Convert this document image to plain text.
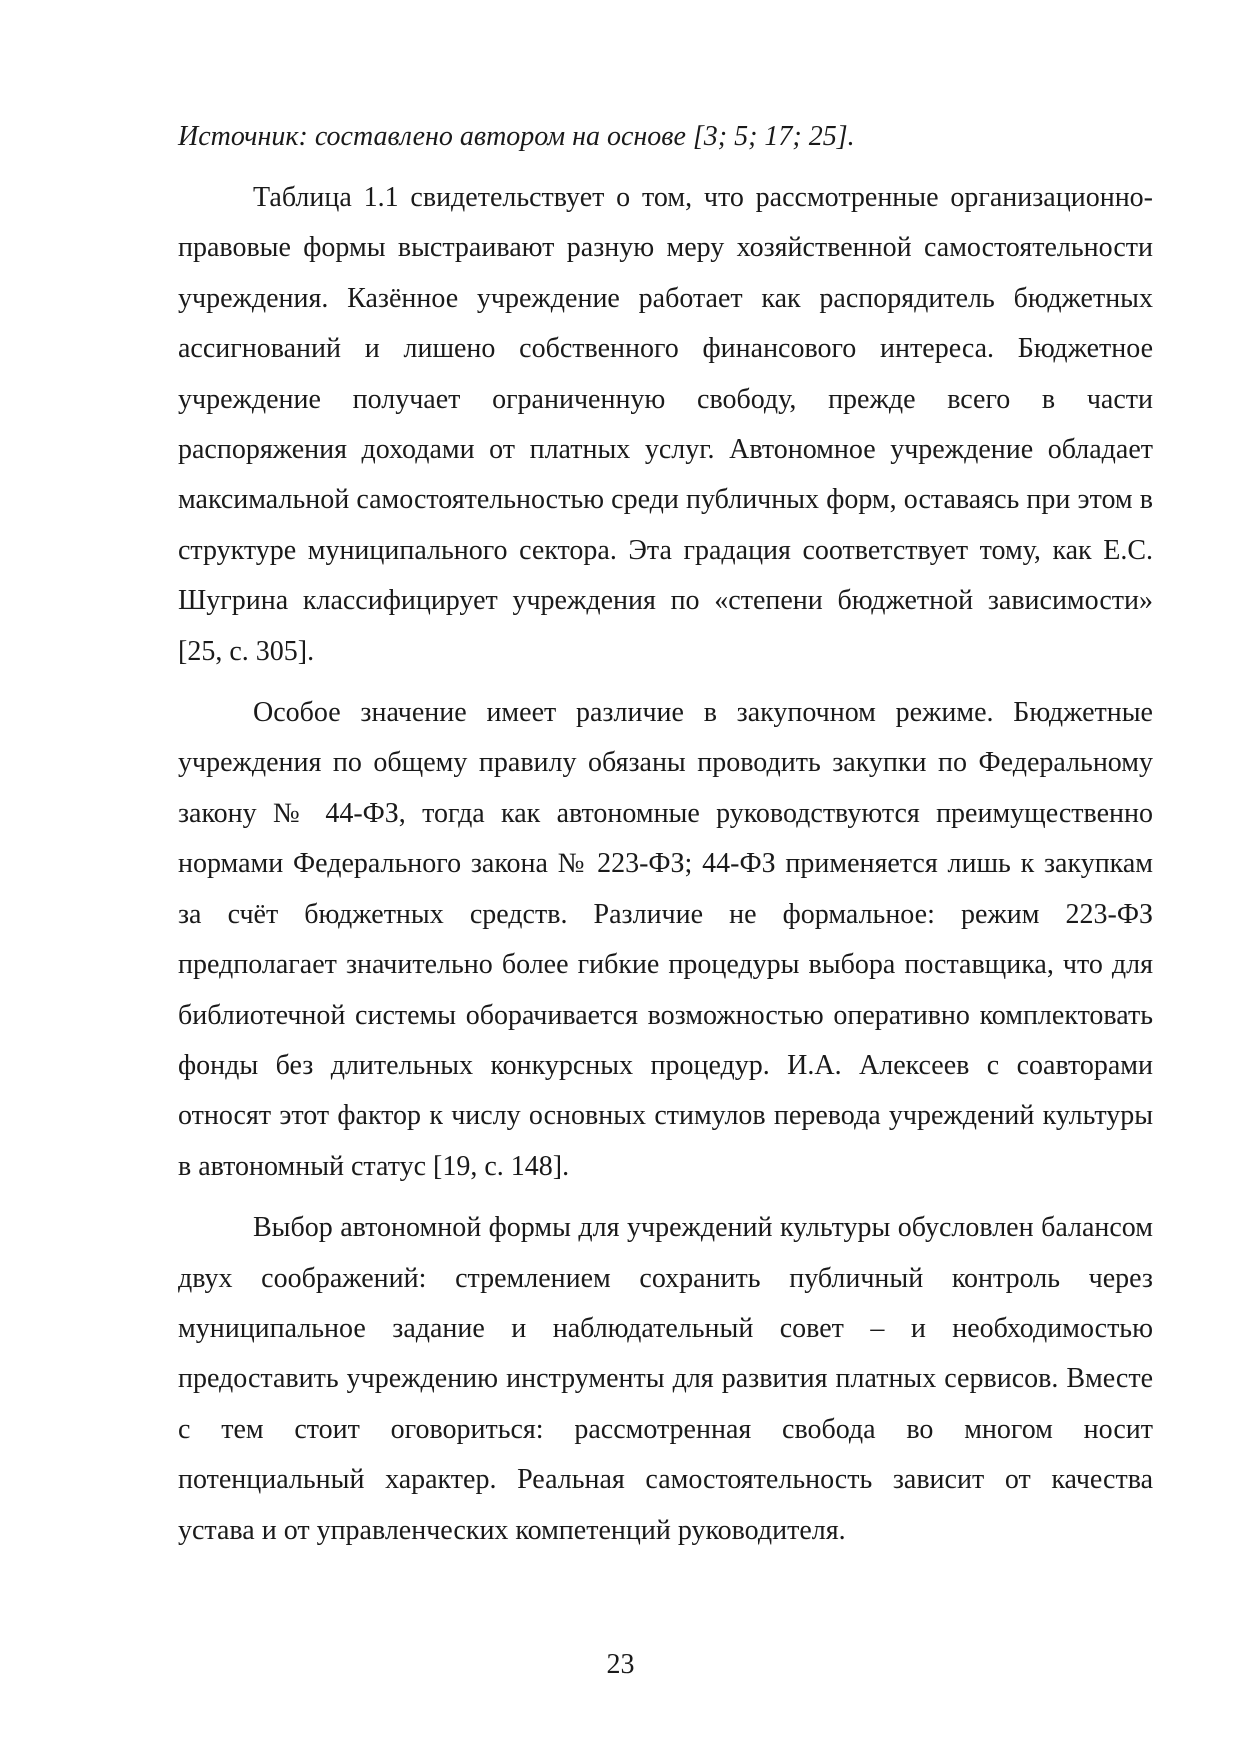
Источник: составлено автором на основе [3; 5; 17; 25].

Таблица 1.1 свидетельствует о том, что рассмотренные организационно-правовые формы выстраивают разную меру хозяйственной самостоятельности учреждения. Казённое учреждение работает как распорядитель бюджетных ассигнований и лишено собственного финансового интереса. Бюджетное учреждение получает ограниченную свободу, прежде всего в части распоряжения доходами от платных услуг. Автономное учреждение обладает максимальной самостоятельностью среди публичных форм, оставаясь при этом в структуре муниципального сектора. Эта градация соответствует тому, как Е.С. Шугрина классифицирует учреждения по «степени бюджетной зависимости» [25, с. 305].

Особое значение имеет различие в закупочном режиме. Бюджетные учреждения по общему правилу обязаны проводить закупки по Федеральному закону № 44-ФЗ, тогда как автономные руководствуются преимущественно нормами Федерального закона № 223-ФЗ; 44-ФЗ применяется лишь к закупкам за счёт бюджетных средств. Различие не формальное: режим 223-ФЗ предполагает значительно более гибкие процедуры выбора поставщика, что для библиотечной системы оборачивается возможностью оперативно комплектовать фонды без длительных конкурсных процедур. И.А. Алексеев с соавторами относят этот фактор к числу основных стимулов перевода учреждений культуры в автономный статус [19, с. 148].

Выбор автономной формы для учреждений культуры обусловлен балансом двух соображений: стремлением сохранить публичный контроль через муниципальное задание и наблюдательный совет – и необходимостью предоставить учреждению инструменты для развития платных сервисов. Вместе с тем стоит оговориться: рассмотренная свобода во многом носит потенциальный характер. Реальная самостоятельность зависит от качества устава и от управленческих компетенций руководителя.

23
